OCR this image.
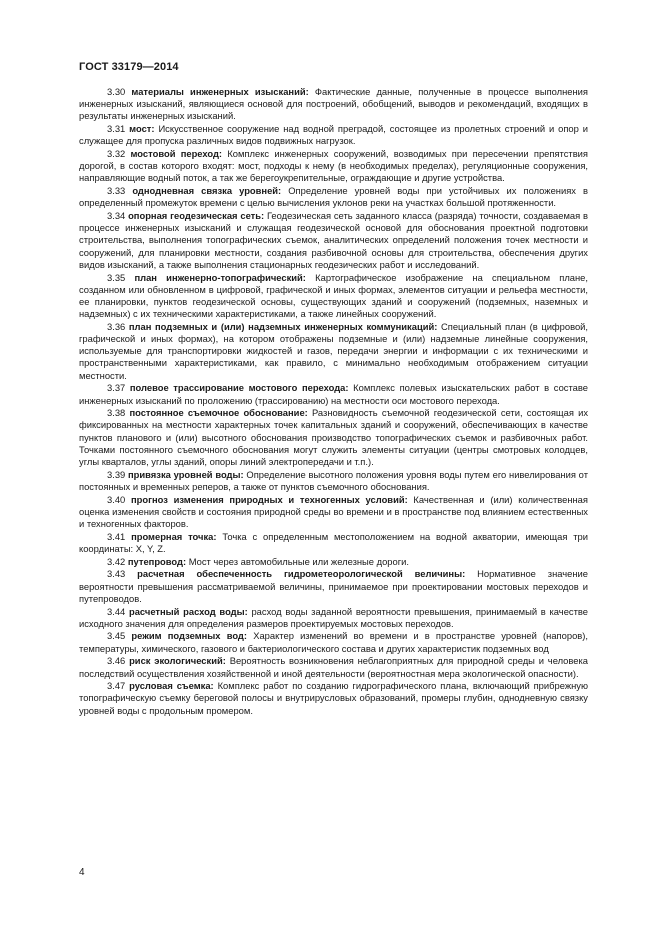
ГОСТ 33179—2014

3.30 материалы инженерных изысканий: Фактические данные, полученные в процессе выполнения инженерных изысканий, являющиеся основой для построений, обобщений, выводов и рекомендаций, входящих в результаты инженерных изысканий.

3.31 мост: Искусственное сооружение над водной преградой, состоящее из пролетных строений и опор и служащее для пропуска различных видов подвижных нагрузок.

3.32 мостовой переход: Комплекс инженерных сооружений, возводимых при пересечении препятствия дорогой, в состав которого входят: мост, подходы к нему (в необходимых пределах), регуляционные сооружения, направляющие водный поток, а так же берегоукрепительные, ограждающие и другие устройства.

3.33 однодневная связка уровней: Определение уровней воды при устойчивых их положениях в определенный промежуток времени с целью вычисления уклонов реки на участках большой протяженности.

3.34 опорная геодезическая сеть: Геодезическая сеть заданного класса (разряда) точности, создаваемая в процессе инженерных изысканий и служащая геодезической основой для обоснования проектной подготовки строительства, выполнения топографических съемок, аналитических определений положения точек местности и сооружений, для планировки местности, создания разбивочной основы для строительства, обеспечения других видов изысканий, а также выполнения стационарных геодезических работ и исследований.

3.35 план инженерно-топографический: Картографическое изображение на специальном плане, созданном или обновленном в цифровой, графической и иных формах, элементов ситуации и рельефа местности, ее планировки, пунктов геодезической основы, существующих зданий и сооружений (подземных, наземных и надземных) с их техническими характеристиками, а также линейных сооружений.

3.36 план подземных и (или) надземных инженерных коммуникаций: Специальный план (в цифровой, графической и иных формах), на котором отображены подземные и (или) надземные линейные сооружения, используемые для транспортировки жидкостей и газов, передачи энергии и информации с их техническими и пространственными характеристиками, как правило, с минимально необходимым отображением ситуации местности.

3.37 полевое трассирование мостового перехода: Комплекс полевых изыскательских работ в составе инженерных изысканий по проложению (трассированию) на местности оси мостового перехода.

3.38 постоянное съемочное обоснование: Разновидность съемочной геодезической сети, состоящая их фиксированных на местности характерных точек капитальных зданий и сооружений, обеспечивающих в качестве пунктов планового и (или) высотного обоснования производство топографических съемок и разбивочных работ. Точками постоянного съемочного обоснования могут служить элементы ситуации (центры смотровых колодцев, углы кварталов, углы зданий, опоры линий электропередачи и т.п.).

3.39 привязка уровней воды: Определение высотного положения уровня воды путем его нивелирования от постоянных и временных реперов, а также от пунктов съемочного обоснования.

3.40 прогноз изменения природных и техногенных условий: Качественная и (или) количественная оценка изменения свойств и состояния природной среды во времени и в пространстве под влиянием естественных и техногенных факторов.

3.41 промерная точка: Точка с определенным местоположением на водной акватории, имеющая три координаты: X, Y, Z.

3.42 путепровод: Мост через автомобильные или железные дороги.

3.43 расчетная обеспеченность гидрометеорологической величины: Нормативное значение вероятности превышения рассматриваемой величины, принимаемое при проектировании мостовых переходов и путепроводов.

3.44 расчетный расход воды: расход воды заданной вероятности превышения, принимаемый в качестве исходного значения для определения размеров проектируемых мостовых переходов.

3.45 режим подземных вод: Характер изменений во времени и в пространстве уровней (напоров), температуры, химического, газового и бактериологического состава и других характеристик подземных вод

3.46 риск экологический: Вероятность возникновения неблагоприятных для природной среды и человека последствий осуществления хозяйственной и иной деятельности (вероятностная мера экологической опасности).

3.47 русловая съемка: Комплекс работ по созданию гидрографического плана, включающий прибрежную топографическую съемку береговой полосы и внутрирусловых образований, промеры глубин, однодневную связку уровней воды с продольным промером.

4
